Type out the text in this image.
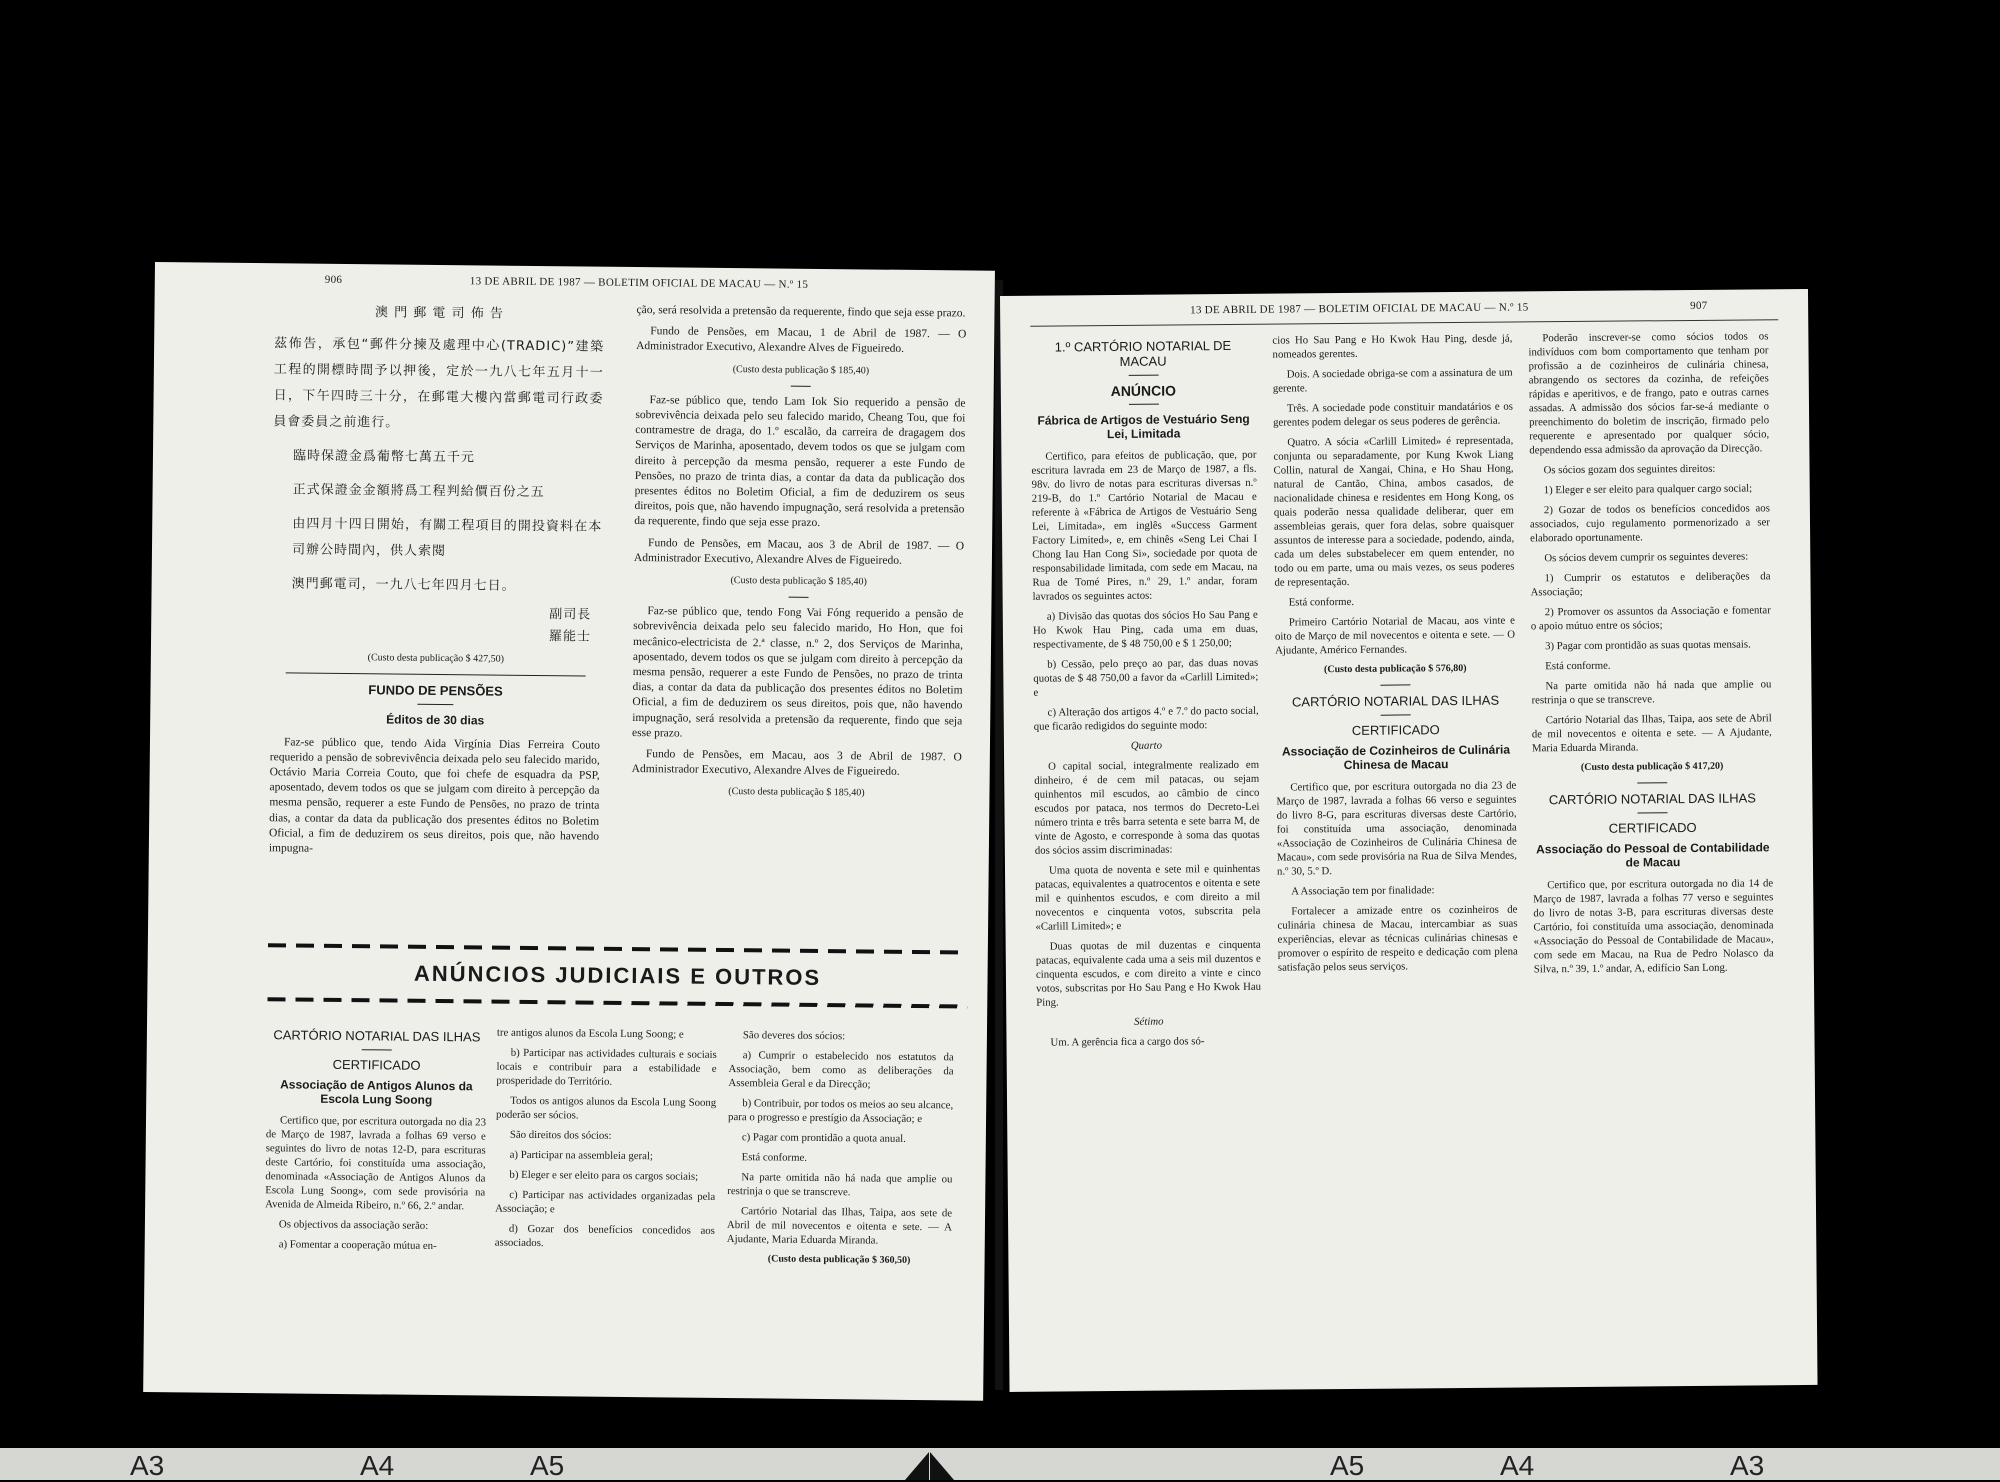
906	13 DE ABRIL DE 1987 — BOLETIM OFICIAL DE MACAU — N.º 15
澳 門 郵 電 司 佈 告
茲佈告，承包“郵件分揀及處理中心(TRADIC)”建築工程的開標時間予以押後，定於一九八七年五月十一日，下午四時三十分，在郵電大樓內當郵電司行政委員會委員之前進行。
臨時保證金爲葡幣七萬五千元
正式保證金金額將爲工程判給價百份之五
由四月十四日開始，有關工程項目的開投資料在本司辦公時間內，供人索閱
澳門郵電司，一九八七年四月七日。
副司長
羅能士

(Custo desta publicação $ 427,50)

FUNDO DE PENSÕES
Éditos de 30 dias

Faz-se público que, tendo Aida Virgínia Dias Ferreira Couto requerido a pensão de sobrevivência deixada pelo seu falecido marido, Octávio Maria Correia Couto, que foi chefe de esquadra da PSP, aposentado, devem todos os que se julgam com direito à percepção da mesma pensão, requerer a este Fundo de Pensões, no prazo de trinta dias, a contar da data da publicação dos presentes éditos no Boletim Oficial, a fim de deduzirem os seus direitos, pois que, não havendo impugna-

ção, será resolvida a pretensão da requerente, findo que seja esse prazo.

Fundo de Pensões, em Macau, 1 de Abril de 1987. — O Administrador Executivo, Alexandre Alves de Figueiredo.

(Custo desta publicação $ 185,40)

Faz-se público que, tendo Lam Iok Sio requerido a pensão de sobrevivência deixada pelo seu falecido marido, Cheang Tou, que foi contramestre de draga, do 1.º escalão, da carreira de dragagem dos Serviços de Marinha, aposentado, devem todos os que se julgam com direito à percepção da mesma pensão, requerer a este Fundo de Pensões, no prazo de trinta dias, a contar da data da publicação dos presentes éditos no Boletim Oficial, a fim de deduzirem os seus direitos, pois que, não havendo impugnação, será resolvida a pretensão da requerente, findo que seja esse prazo.

Fundo de Pensões, em Macau, aos 3 de Abril de 1987. — O Administrador Executivo, Alexandre Alves de Figueiredo.

(Custo desta publicação $ 185,40)

Faz-se público que, tendo Fong Vai Fóng requerido a pensão de sobrevivência deixada pelo seu falecido marido, Ho Hon, que foi mecânico-electricista de 2.ª classe, n.º 2, dos Serviços de Marinha, aposentado, devem todos os que se julgam com direito à percepção da mesma pensão, requerer a este Fundo de Pensões, no prazo de trinta dias, a contar da data da publicação dos presentes éditos no Boletim Oficial, a fim de deduzirem os seus direitos, pois que, não havendo impugnação, será resolvida a pretensão da requerente, findo que seja esse prazo.

Fundo de Pensões, em Macau, aos 3 de Abril de 1987. O Administrador Executivo, Alexandre Alves de Figueiredo.

(Custo desta publicação $ 185,40)

ANÚNCIOS JUDICIAIS E OUTROS
CARTÓRIO NOTARIAL DAS ILHAS
CERTIFICADO
Associação de Antigos Alunos da Escola Lung Soong

Certifico que, por escritura outorgada no dia 23 de Março de 1987, lavrada a folhas 69 verso e seguintes do livro de notas 12-D, para escrituras deste Cartório, foi constituída uma associação, denominada «Associação de Antigos Alunos da Escola Lung Soong», com sede provisória na Avenida de Almeida Ribeiro, n.º 66, 2.º andar.

Os objectivos da associação serão:

a) Fomentar a cooperação mútua en-

tre antigos alunos da Escola Lung Soong; e

b) Participar nas actividades culturais e sociais locais e contribuir para a estabilidade e prosperidade do Território.

Todos os antigos alunos da Escola Lung Soong poderão ser sócios.

São direitos dos sócios:

a) Participar na assembleia geral;

b) Eleger e ser eleito para os cargos sociais;

c) Participar nas actividades organizadas pela Associação; e

d) Gozar dos benefícios concedidos aos associados.

São deveres dos sócios:

a) Cumprir o estabelecido nos estatutos da Associação, bem como as deliberações da Assembleia Geral e da Direcção;

b) Contribuir, por todos os meios ao seu alcance, para o progresso e prestígio da Associação; e

c) Pagar com prontidão a quota anual.

Está conforme.

Na parte omitida não há nada que amplie ou restrinja o que se transcreve.

Cartório Notarial das Ilhas, Taipa, aos sete de Abril de mil novecentos e oitenta e sete. — A Ajudante, Maria Eduarda Miranda.

(Custo desta publicação $ 360,50)

13 DE ABRIL DE 1987 — BOLETIM OFICIAL DE MACAU — N.º 15	907
1.º CARTÓRIO NOTARIAL DE MACAU
ANÚNCIO
Fábrica de Artigos de Vestuário Seng Lei, Limitada

Certifico, para efeitos de publicação, que, por escritura lavrada em 23 de Março de 1987, a fls. 98v. do livro de notas para escrituras diversas n.º 219-B, do 1.º Cartório Notarial de Macau e referente à «Fábrica de Artigos de Vestuário Seng Lei, Limitada», em inglês «Success Garment Factory Limited», e, em chinês «Seng Lei Chai I Chong Iau Han Cong Si», sociedade por quota de responsabilidade limitada, com sede em Macau, na Rua de Tomé Pires, n.º 29, 1.º andar, foram lavrados os seguintes actos:

a) Divisão das quotas dos sócios Ho Sau Pang e Ho Kwok Hau Ping, cada uma em duas, respectivamente, de $ 48 750,00 e $ 1 250,00;

b) Cessão, pelo preço ao par, das duas novas quotas de $ 48 750,00 a favor da «Carlill Limited»; e

c) Alteração dos artigos 4.º e 7.º do pacto social, que ficarão redigidos do seguinte modo:

Quarto

O capital social, integralmente realizado em dinheiro, é de cem mil patacas, ou sejam quinhentos mil escudos, ao câmbio de cinco escudos por pataca, nos termos do Decreto-Lei número trinta e três barra setenta e sete barra M, de vinte de Agosto, e corresponde à soma das quotas dos sócios assim discriminadas:

Uma quota de noventa e sete mil e quinhentas patacas, equivalentes a quatrocentos e oitenta e sete mil e quinhentos escudos, e com direito a mil novecentos e cinquenta votos, subscrita pela «Carlill Limited»; e

Duas quotas de mil duzentas e cinquenta patacas, equivalente cada uma a seis mil duzentos e cinquenta escudos, e com direito a vinte e cinco votos, subscritas por Ho Sau Pang e Ho Kwok Hau Ping.

Sétimo

Um. A gerência fica a cargo dos só-

cios Ho Sau Pang e Ho Kwok Hau Ping, desde já, nomeados gerentes.

Dois. A sociedade obriga-se com a assinatura de um gerente.

Três. A sociedade pode constituir mandatários e os gerentes podem delegar os seus poderes de gerência.

Quatro. A sócia «Carlill Limited» é representada, conjunta ou separadamente, por Kung Kwok Liang Collin, natural de Xangai, China, e Ho Shau Hong, natural de Cantão, China, ambos casados, de nacionalidade chinesa e residentes em Hong Kong, os quais poderão nessa qualidade deliberar, quer em assembleias gerais, quer fora delas, sobre quaisquer assuntos de interesse para a sociedade, podendo, ainda, cada um deles substabelecer em quem entender, no todo ou em parte, uma ou mais vezes, os seus poderes de representação.

Está conforme.

Primeiro Cartório Notarial de Macau, aos vinte e oito de Março de mil novecentos e oitenta e sete. — O Ajudante, Américo Fernandes.

(Custo desta publicação $ 576,80)

CARTÓRIO NOTARIAL DAS ILHAS
CERTIFICADO
Associação de Cozinheiros de Culinária Chinesa de Macau

Certifico que, por escritura outorgada no dia 23 de Março de 1987, lavrada a folhas 66 verso e seguintes do livro 8-G, para escrituras diversas deste Cartório, foi constituída uma associação, denominada «Associação de Cozinheiros de Culinária Chinesa de Macau», com sede provisória na Rua de Silva Mendes, n.º 30, 5.º D.

A Associação tem por finalidade:

Fortalecer a amizade entre os cozinheiros de culinária chinesa de Macau, intercambiar as suas experiências, elevar as técnicas culinárias chinesas e promover o espírito de respeito e dedicação com plena satisfação pelos seus serviços.

Poderão inscrever-se como sócios todos os indivíduos com bom comportamento que tenham por profissão a de cozinheiros de culinária chinesa, abrangendo os sectores da cozinha, de refeições rápidas e aperitivos, e de frango, pato e outras carnes assadas. A admissão dos sócios far-se-á mediante o preenchimento do boletim de inscrição, firmado pelo requerente e apresentado por qualquer sócio, dependendo essa admissão da aprovação da Direcção.

Os sócios gozam dos seguintes direitos:

1) Eleger e ser eleito para qualquer cargo social;

2) Gozar de todos os benefícios concedidos aos associados, cujo regulamento pormenorizado a ser elaborado oportunamente.

Os sócios devem cumprir os seguintes deveres:

1) Cumprir os estatutos e deliberações da Associação;

2) Promover os assuntos da Associação e fomentar o apoio mútuo entre os sócios;

3) Pagar com prontidão as suas quotas mensais.

Está conforme.

Na parte omitida não há nada que amplie ou restrinja o que se transcreve.

Cartório Notarial das Ilhas, Taipa, aos sete de Abril de mil novecentos e oitenta e sete. — A Ajudante, Maria Eduarda Miranda.

(Custo desta publicação $ 417,20)

CARTÓRIO NOTARIAL DAS ILHAS
CERTIFICADO
Associação do Pessoal de Contabilidade de Macau

Certifico que, por escritura outorgada no dia 14 de Março de 1987, lavrada a folhas 77 verso e seguintes do livro de notas 3-B, para escrituras diversas deste Cartório, foi constituída uma associação, denominada «Associação do Pessoal de Contabilidade de Macau», com sede em Macau, na Rua de Pedro Nolasco da Silva, n.º 39, 1.º andar, A, edifício San Long.

A3	A4	A5	A5	A4	A3
